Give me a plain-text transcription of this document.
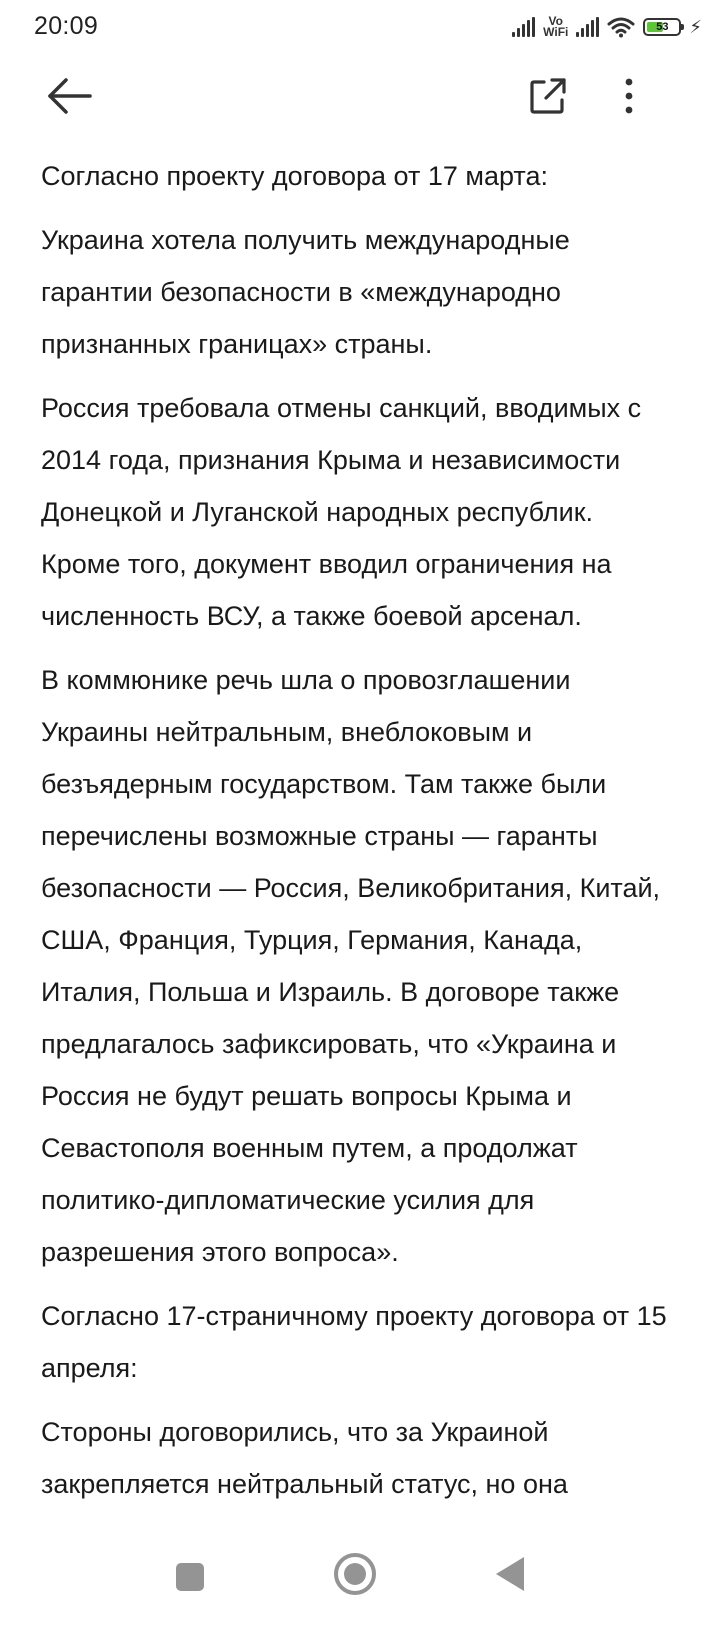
20:09	Vo
WiFi	53 ⚡

Согласно проекту договора от 17 марта:

Украина хотела получить международные гарантии безопасности в «международно признанных границах» страны.

Россия требовала отмены санкций, вводимых с 2014 года, признания Крыма и независимости Донецкой и Луганской народных республик. Кроме того, документ вводил ограничения на численность ВСУ, а также боевой арсенал.

В коммюнике речь шла о провозглашении Украины нейтральным, внеблоковым и безъядерным государством. Там также были перечислены возможные страны — гаранты безопасности — Россия, Великобритания, Китай, США, Франция, Турция, Германия, Канада, Италия, Польша и Израиль. В договоре также предлагалось зафиксировать, что «Украина и Россия не будут решать вопросы Крыма и Севастополя военным путем, а продолжат политико-дипломатические усилия для разрешения этого вопроса».

Согласно 17-страничному проекту договора от 15 апреля:

Стороны договорились, что за Украиной закрепляется нейтральный статус, но она
